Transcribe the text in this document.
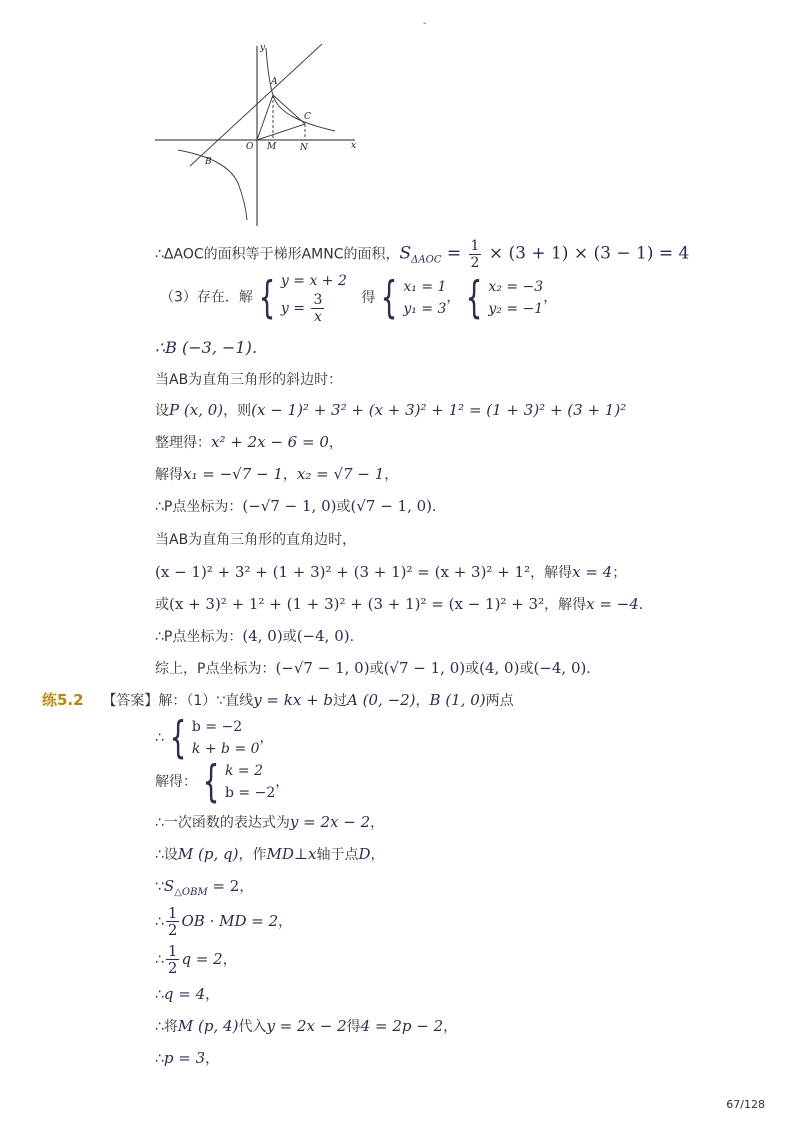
-
y
x
O M	N
A
B
C
∴ΔAOC的面积等于梯形AMNC的面积，$S_{\Delta AOC} = \frac{1}{2} \times (3 + 1) \times (3 - 1) = 4$
（3）存在．解 { y = x + 2
$y = \frac{3}{x}$	得 { x₁ = 1
y₁ = 3
， { x₂ = −3
y₂ = −1
，
∴B (−3, −1)．
当AB为直角三角形的斜边时：
设P (x, 0)，则(x − 1)² + 3² + (x + 3)² + 1² = (1 + 3)² + (3 + 1)²
整理得：x² + 2x − 6 = 0，
解得x₁ = −√7 − 1，x₂ = √7 − 1，
∴P点坐标为：(−√7 − 1, 0)或(√7 − 1, 0)．
当AB为直角三角形的直角边时，
(x − 1)² + 3² + (1 + 3)² + (3 + 1)² = (x + 3)² + 1²，解得x = 4；
或(x + 3)² + 1² + (1 + 3)² + (3 + 1)² = (x − 1)² + 3²，解得x = −4．
∴P点坐标为：(4, 0)或(−4, 0)．
综上，P点坐标为：(−√7 − 1, 0)或(√7 − 1, 0)或(4, 0)或(−4, 0)．
练5.2 【答案】解：（1）∵直线y = kx + b过A (0, −2)，B (1, 0)两点
∴ { b = −2
k + b = 0
，
解得： { k = 2
b = −2
，
∴一次函数的表达式为y = 2x − 2，
∴设M (p, q)，作MD⊥x轴于点D，
$\because S_{\triangle OBM} = 2$，
∴ $\frac{1}{2}$ OB · MD = 2，
∴ $\frac{1}{2}$ q = 2，
∴q = 4，
∴将M (p, 4)代入y = 2x − 2得4 = 2p − 2，
∴p = 3，
67/128
